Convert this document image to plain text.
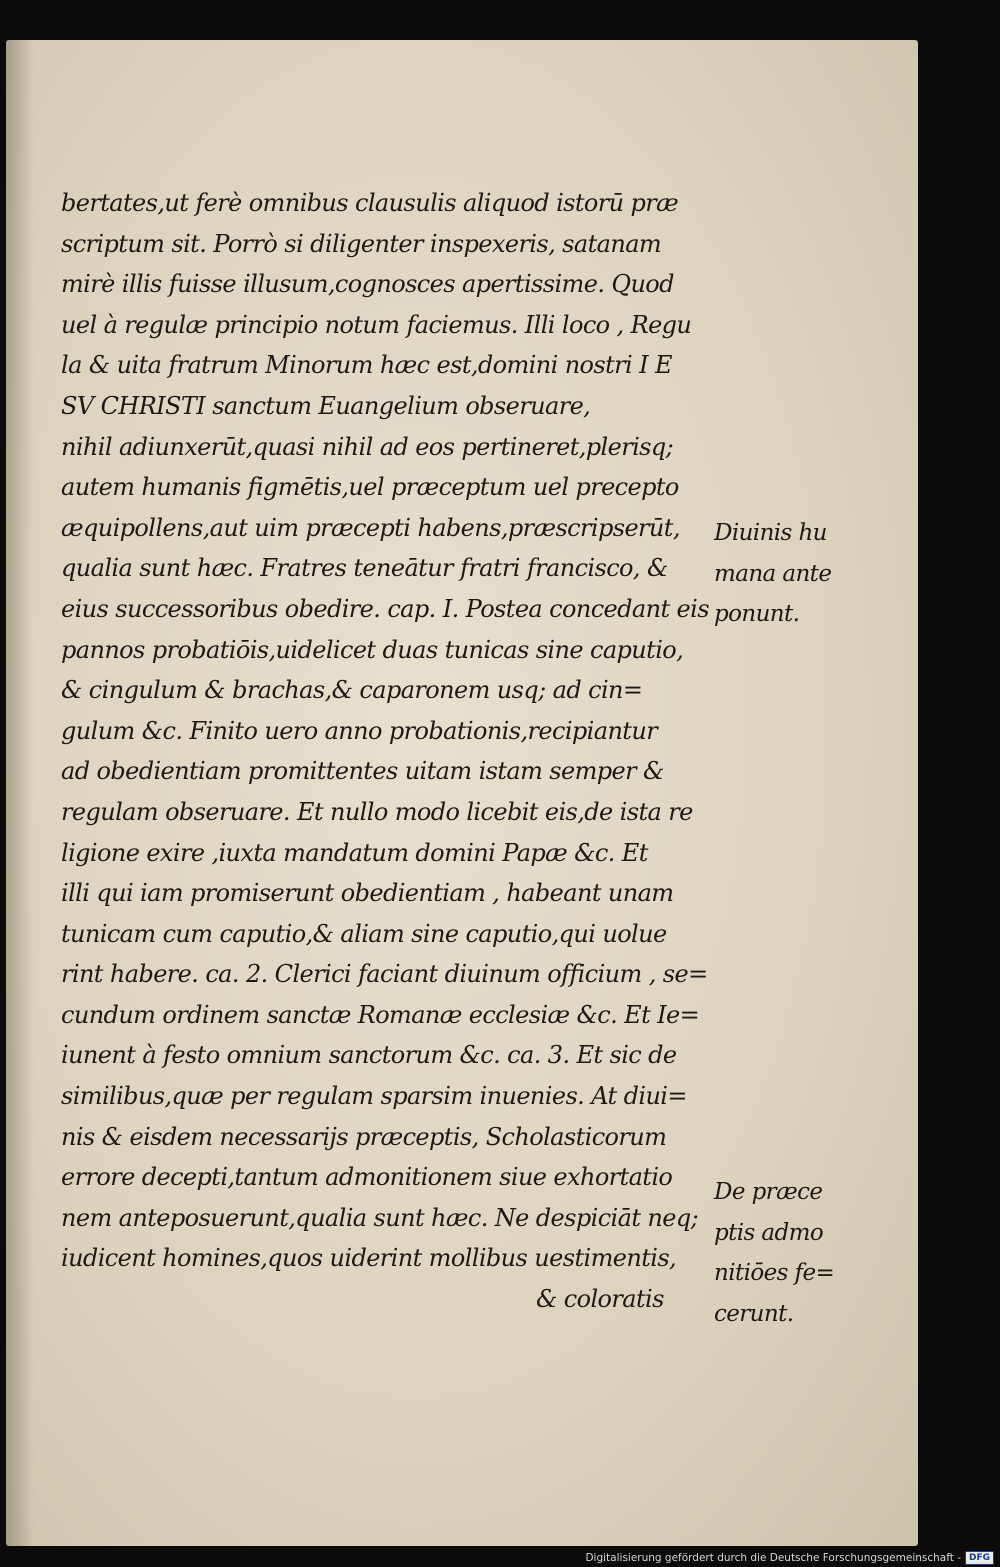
bertates,ut ferè omnibus clausulis aliquod istorū præ
scriptum sit. Porrò si diligenter inspexeris, satanam
mirè illis fuisse illusum,cognosces apertissime. Quod
uel à regulæ principio notum faciemus. Illi loco , Regu
la & uita fratrum Minorum hæc est,domini nostri I E
SV CHRISTI sanctum Euangelium obseruare,
nihil adiunxerūt,quasi nihil ad eos pertineret,plerisq;
autem humanis figmētis,uel præceptum uel precepto
æquipollens,aut uim præcepti habens,præscripserūt,
qualia sunt hæc. Fratres teneātur fratri francisco, &
eius successoribus obedire. cap. I. Postea concedant eis
pannos probatiōis,uidelicet duas tunicas sine caputio,
& cingulum & brachas,& caparonem usq; ad cin=
gulum &c. Finito uero anno probationis,recipiantur
ad obedientiam promittentes uitam istam semper &
regulam obseruare. Et nullo modo licebit eis,de ista re
ligione exire ,iuxta mandatum domini Papæ &c. Et
illi qui iam promiserunt obedientiam , habeant unam
tunicam cum caputio,& aliam sine caputio,qui uolue
rint habere. ca. 2. Clerici faciant diuinum officium , se=
cundum ordinem sanctæ Romanæ ecclesiæ &c. Et Ie=
iunent à festo omnium sanctorum &c. ca. 3. Et sic de
similibus,quæ per regulam sparsim inuenies. At diui=
nis & eisdem necessarijs præceptis, Scholasticorum
errore decepti,tantum admonitionem siue exhortatio
nem anteposuerunt,qualia sunt hæc. Ne despiciāt neq;
iudicent homines,quos uiderint mollibus uestimentis,
& coloratis
Diuinis hu
mana ante
ponunt.
De præce
ptis admo
nitiōes fe=
cerunt.
Digitalisierung gefördert durch die Deutsche Forschungsgemeinschaft - DFG
